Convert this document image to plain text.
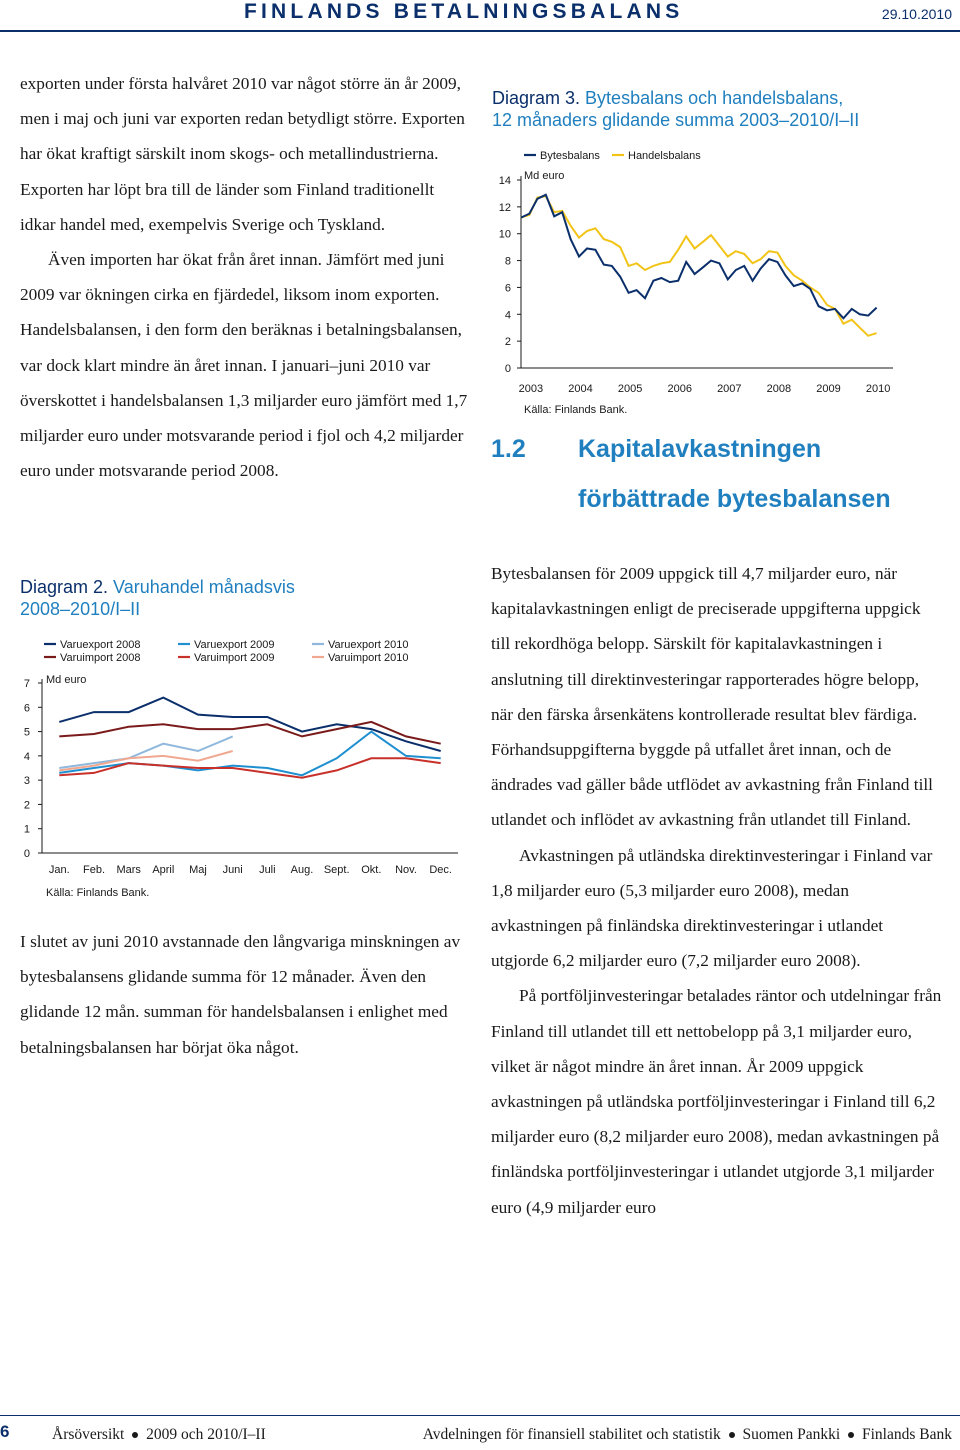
FINLANDS BETALNINGSBALANS	29.10.2010

exporten under första halvåret 2010 var något större än år 2009, men i maj och juni var exporten redan betydligt större. Exporten har ökat kraftigt särskilt inom skogs- och metallindustrierna. Exporten har löpt bra till de länder som Finland traditionellt idkar handel med, exempelvis Sverige och Tyskland.

Även importen har ökat från året innan. Jämfört med juni 2009 var ökningen cirka en fjärdedel, liksom inom exporten. Handelsbalansen, i den form den beräknas i betalningsbalansen, var dock klart mindre än året innan. I januari–juni 2010 var överskottet i handelsbalansen 1,3 miljarder euro jämfört med 1,7 miljarder euro under motsvarande period i fjol och 4,2 miljarder euro under motsvarande period 2008.

Diagram 2. Varuhandel månadsvis
2008–2010/I–II
0
1
2
3
4
5
6
7
Jan. Feb. Mars April Maj Juni Juli Aug. Sept. Okt. Nov. Dec.
Md euro
Källa: Finlands Bank.
Varuexport 2008
Varuimport 2008
Varuexport 2009
Varuimport 2009
Varuexport 2010
Varuimport 2010

I slutet av juni 2010 avstannade den långvariga minskningen av bytesbalansens glidande summa för 12 månader. Även den glidande 12 mån. summan för handelsbalansen i enlighet med betalningsbalansen har börjat öka något.

Diagram 3. Bytesbalans och handelsbalans,
12 månaders glidande summa 2003–2010/I–II
0
2
4
6
8
10
12
14
2003 2004 2005 2006 2007 2008 2009 2010
Md euro
Källa: Finlands Bank.
Bytesbalans	Handelsbalans
1.2 Kapitalavkastningen
förbättrade bytesbalansen

Bytesbalansen för 2009 uppgick till 4,7 miljarder euro, när kapitalavkastningen enligt de preciserade uppgifterna uppgick till rekordhöga belopp. Särskilt för kapitalavkastningen i anslutning till direktinvesteringar rapporterades högre belopp, när den färska årsenkätens kontrollerade resultat blev färdiga. Förhandsuppgifterna byggde på utfallet året innan, och de ändrades vad gäller både utflödet av avkastning från Finland till utlandet och inflödet av avkastning från utlandet till Finland.

Avkastningen på utländska direktinvesteringar i Finland var 1,8 miljarder euro (5,3 miljarder euro 2008), medan avkastningen på finländska direktinvesteringar i utlandet utgjorde 6,2 miljarder euro (7,2 miljarder euro 2008).

På portföljinvesteringar betalades räntor och utdelningar från Finland till utlandet till ett nettobelopp på 3,1 miljarder euro, vilket är något mindre än året innan. År 2009 uppgick avkastningen på utländska portföljinvesteringar i Finland till 6,2 miljarder euro (8,2 miljarder euro 2008), medan avkastningen på finländska portföljinvesteringar i utlandet utgjorde 3,1 miljarder euro (4,9 miljarder euro

6	Årsöversikt 2009 och 2010/I–II	Avdelningen för finansiell stabilitet och statistik Suomen Pankki Finlands Bank
